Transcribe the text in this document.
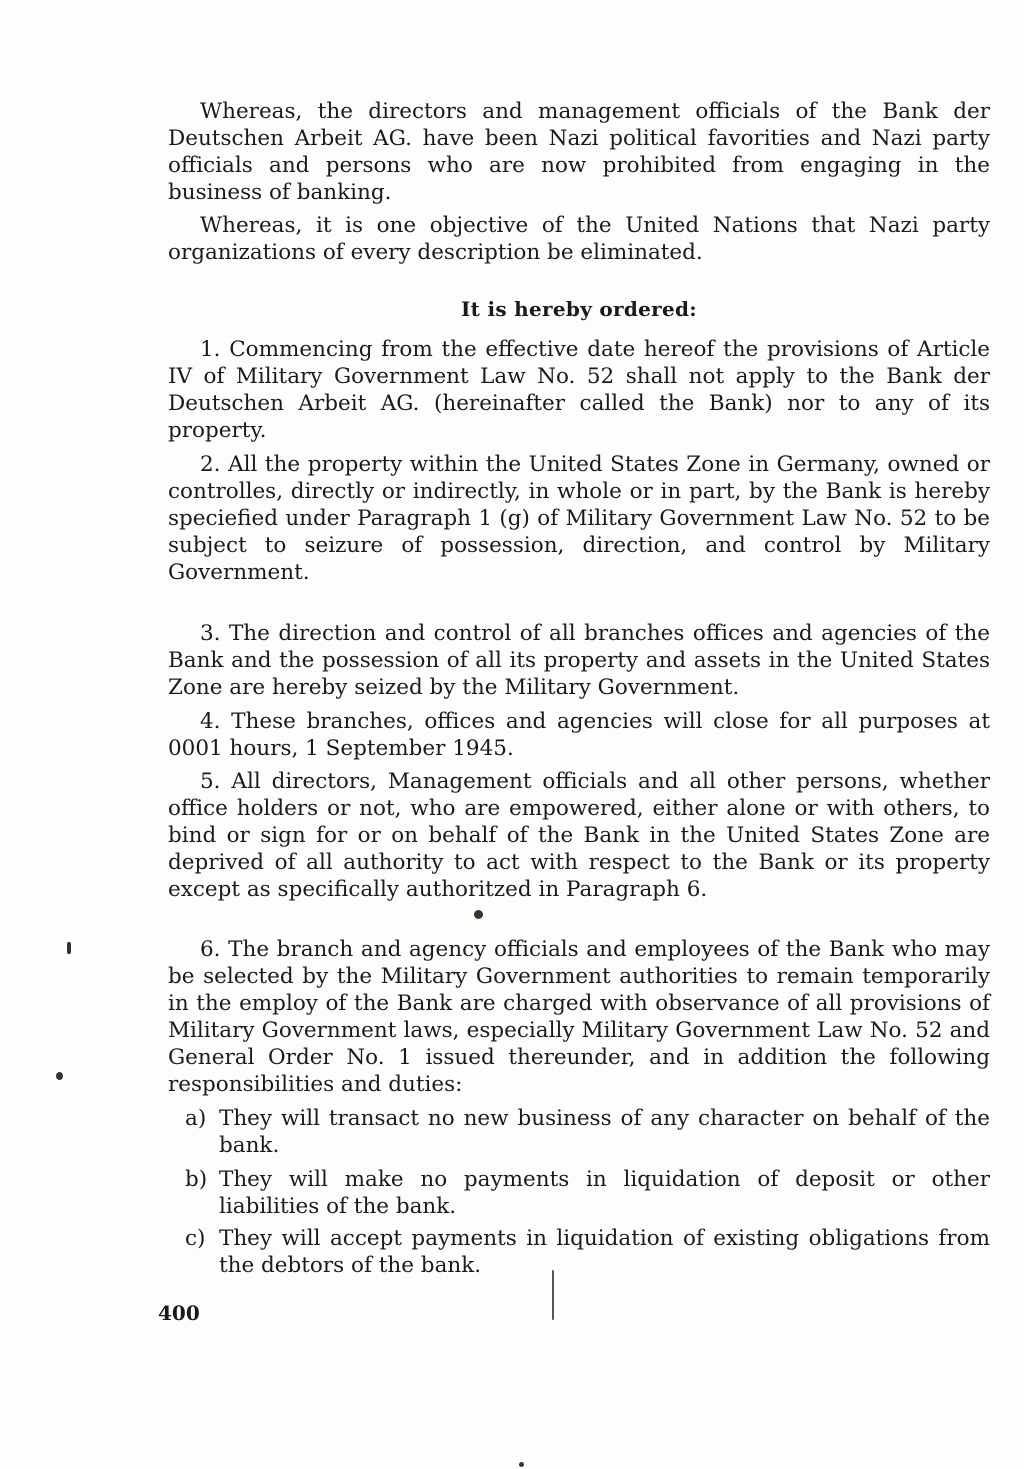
Whereas, the directors and management officials of the Bank der Deutschen Arbeit AG. have been Nazi political favorities and Nazi party officials and persons who are now prohibited from engaging in the business of banking.

Whereas, it is one objective of the United Nations that Nazi party organizations of every description be eliminated.

It is hereby ordered:

1. Commencing from the effective date hereof the provisions of Article IV of Military Government Law No. 52 shall not apply to the Bank der Deutschen Arbeit AG. (hereinafter called the Bank) nor to any of its property.

2. All the property within the United States Zone in Germany, owned or controlles, directly or indirectly, in whole or in part, by the Bank is hereby speciefied under Paragraph 1 (g) of Military Government Law No. 52 to be subject to seizure of possession, direction, and control by Military Government.

3. The direction and control of all branches offices and agencies of the Bank and the possession of all its property and assets in the United States Zone are hereby seized by the Military Government.

4. These branches, offices and agencies will close for all purposes at 0001 hours, 1 September 1945.

5. All directors, Management officials and all other persons, whether office holders or not, who are empowered, either alone or with others, to bind or sign for or on behalf of the Bank in the United States Zone are deprived of all authority to act with respect to the Bank or its property except as specifically authoritzed in Paragraph 6.

6. The branch and agency officials and employees of the Bank who may be selected by the Military Government authorities to remain temporarily in the employ of the Bank are charged with observance of all provisions of Military Government laws, especially Military Government Law No. 52 and General Order No. 1 issued thereunder, and in addition the following responsibilities and duties:

a) They will transact no new business of any character on behalf of the bank.
b) They will make no payments in liquidation of deposit or other liabilities of the bank.
c) They will accept payments in liquidation of existing obligations from the debtors of the bank.
400
